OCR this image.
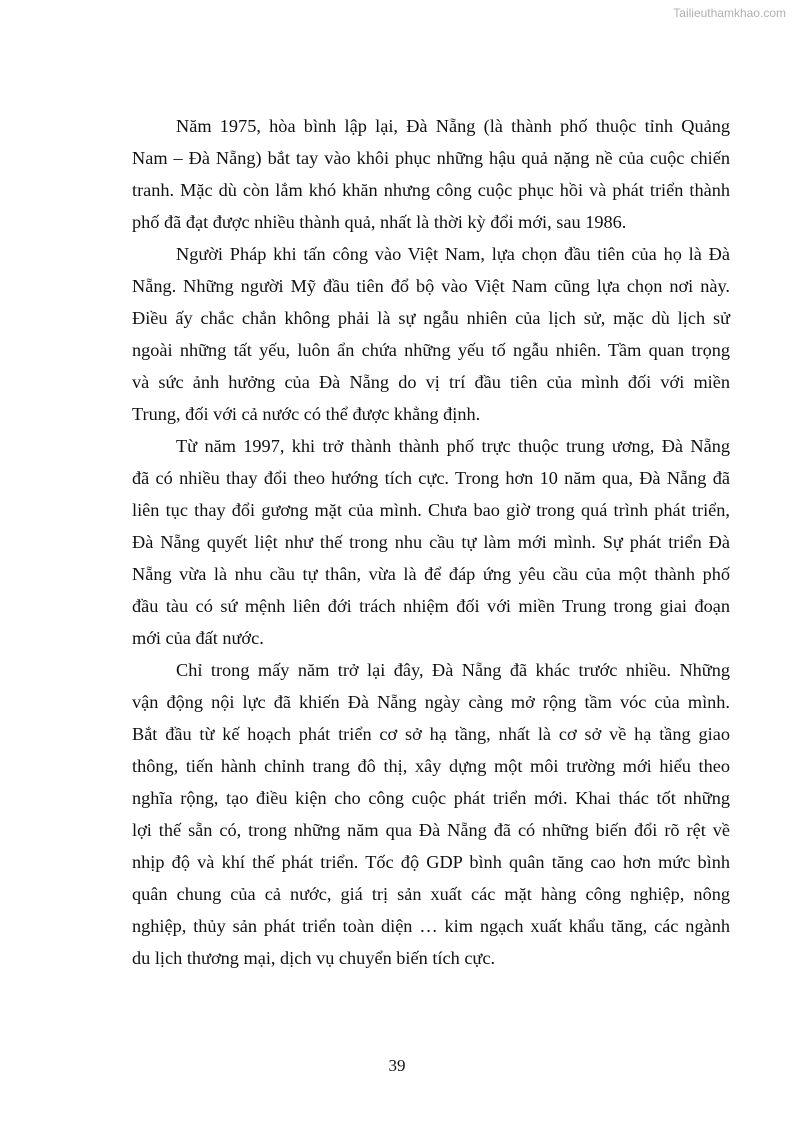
Tailieuthamkhao.com
Năm 1975, hòa bình lập lại, Đà Nẵng (là thành phố thuộc tỉnh Quảng
Nam – Đà Nẵng) bắt tay vào khôi phục những hậu quả nặng nề của cuộc chiến
tranh. Mặc dù còn lắm khó khăn nhưng công cuộc phục hồi và phát triển thành
phố đã đạt được nhiều thành quả, nhất là thời kỳ đổi mới, sau 1986.
Người Pháp khi tấn công vào Việt Nam, lựa chọn đầu tiên của họ là Đà
Nẵng. Những người Mỹ đầu tiên đổ bộ vào Việt Nam cũng lựa chọn nơi này.
Điều ấy chắc chắn không phải là sự ngẫu nhiên của lịch sử, mặc dù lịch sử
ngoài những tất yếu, luôn ẩn chứa những yếu tố ngẫu nhiên. Tầm quan trọng
và sức ảnh hưởng của Đà Nẵng do vị trí đầu tiên của mình đối với miền
Trung, đối với cả nước có thể được khẳng định.
Từ năm 1997, khi trở thành thành phố trực thuộc trung ương, Đà Nẵng
đã có nhiều thay đổi theo hướng tích cực. Trong hơn 10 năm qua, Đà Nẵng đã
liên tục thay đổi gương mặt của mình. Chưa bao giờ trong quá trình phát triển,
Đà Nẵng quyết liệt như thế trong nhu cầu tự làm mới mình. Sự phát triển Đà
Nẵng vừa là nhu cầu tự thân, vừa là để đáp ứng yêu cầu của một thành phố
đầu tàu có sứ mệnh liên đới trách nhiệm đối với miền Trung trong giai đoạn
mới của đất nước.
Chỉ trong mấy năm trở lại đây, Đà Nẵng đã khác trước nhiều. Những
vận động nội lực đã khiến Đà Nẵng ngày càng mở rộng tầm vóc của mình.
Bắt đầu từ kế hoạch phát triển cơ sở hạ tầng, nhất là cơ sở về hạ tầng giao
thông, tiến hành chỉnh trang đô thị, xây dựng một môi trường mới hiểu theo
nghĩa rộng, tạo điều kiện cho công cuộc phát triển mới. Khai thác tốt những
lợi thế sẵn có, trong những năm qua Đà Nẵng đã có những biến đổi rõ rệt về
nhịp độ và khí thế phát triển. Tốc độ GDP bình quân tăng cao hơn mức bình
quân chung của cả nước, giá trị sản xuất các mặt hàng công nghiệp, nông
nghiệp, thủy sản phát triển toàn diện … kim ngạch xuất khẩu tăng, các ngành
du lịch thương mại, dịch vụ chuyển biến tích cực.
39
